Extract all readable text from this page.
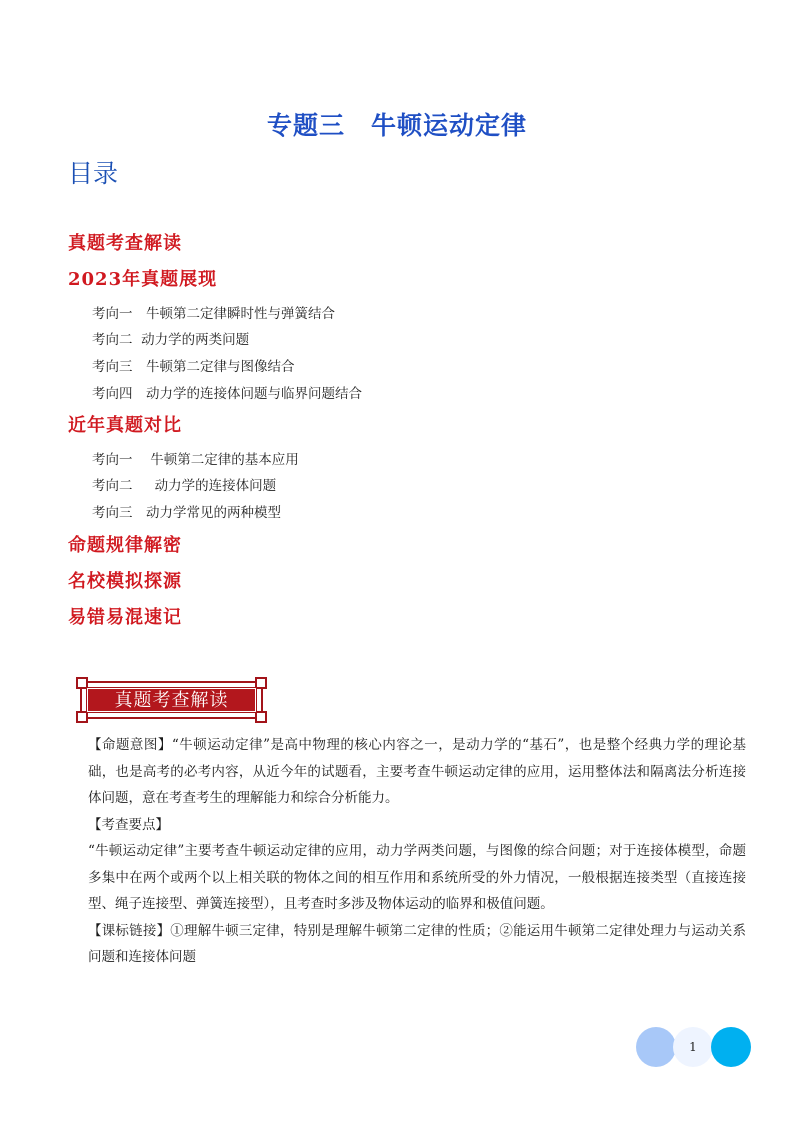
专题三　牛顿运动定律
目录
真题考查解读
2023年真题展现
考向一　牛顿第二定律瞬时性与弹簧结合
考向二  动力学的两类问题
考向三　牛顿第二定律与图像结合
考向四　动力学的连接体问题与临界问题结合
近年真题对比
考向一　 牛顿第二定律的基本应用
考向二 　 动力学的连接体问题
考向三　动力学常见的两种模型
命题规律解密
名校模拟探源
易错易混速记
真题考查解读

【命题意图】“牛顿运动定律”是高中物理的核心内容之一，是动力学的“基石”，也是整个经典力学的理论基础，也是高考的必考内容，从近今年的试题看，主要考查牛顿运动定律的应用，运用整体法和隔离法分析连接体问题，意在考查考生的理解能力和综合分析能力。

【考查要点】

“牛顿运动定律”主要考查牛顿运动定律的应用，动力学两类问题，与图像的综合问题；对于连接体模型，命题多集中在两个或两个以上相关联的物体之间的相互作用和系统所受的外力情况，一般根据连接类型（直接连接型、绳子连接型、弹簧连接型），且考查时多涉及物体运动的临界和极值问题。

【课标链接】①理解牛顿三定律，特别是理解牛顿第二定律的性质；②能运用牛顿第二定律处理力与运动关系问题和连接体问题

1
